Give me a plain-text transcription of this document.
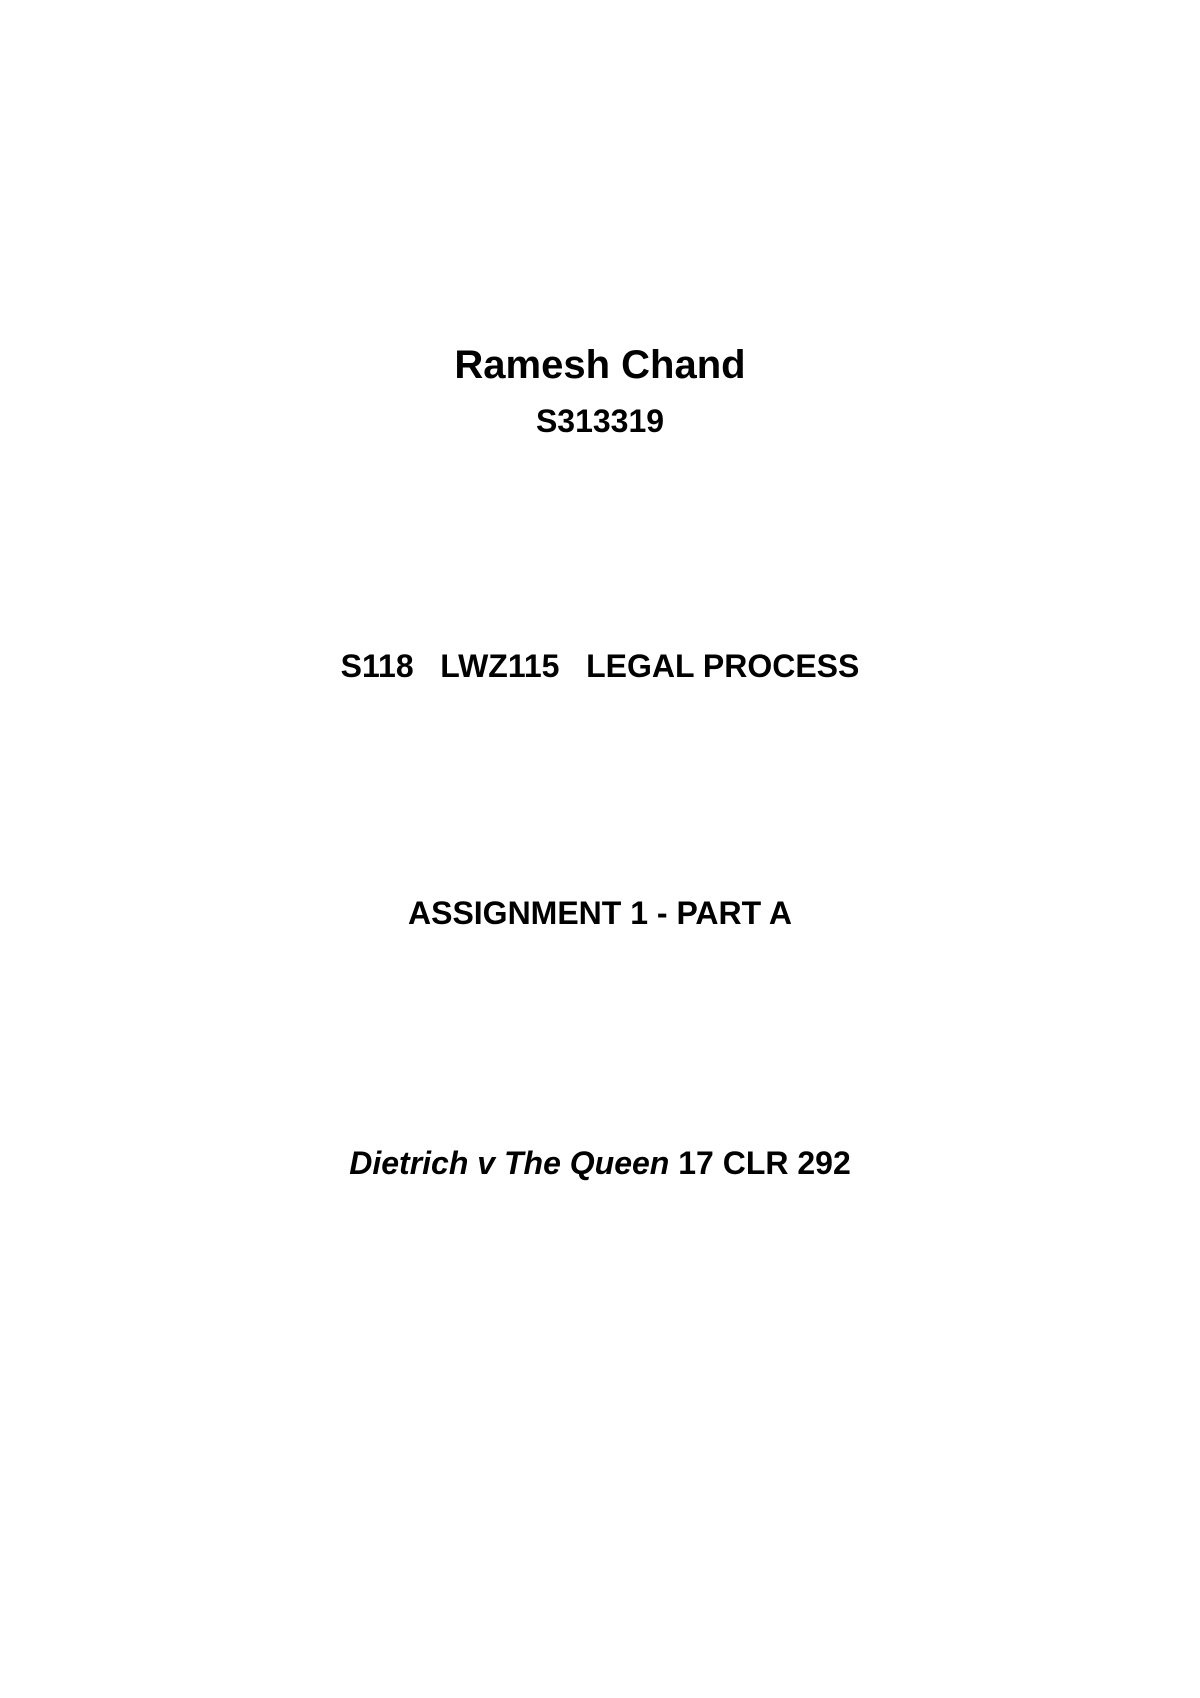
Ramesh Chand
S313319
S118   LWZ115   LEGAL PROCESS
ASSIGNMENT 1 - PART A
Dietrich v The Queen 17 CLR 292
